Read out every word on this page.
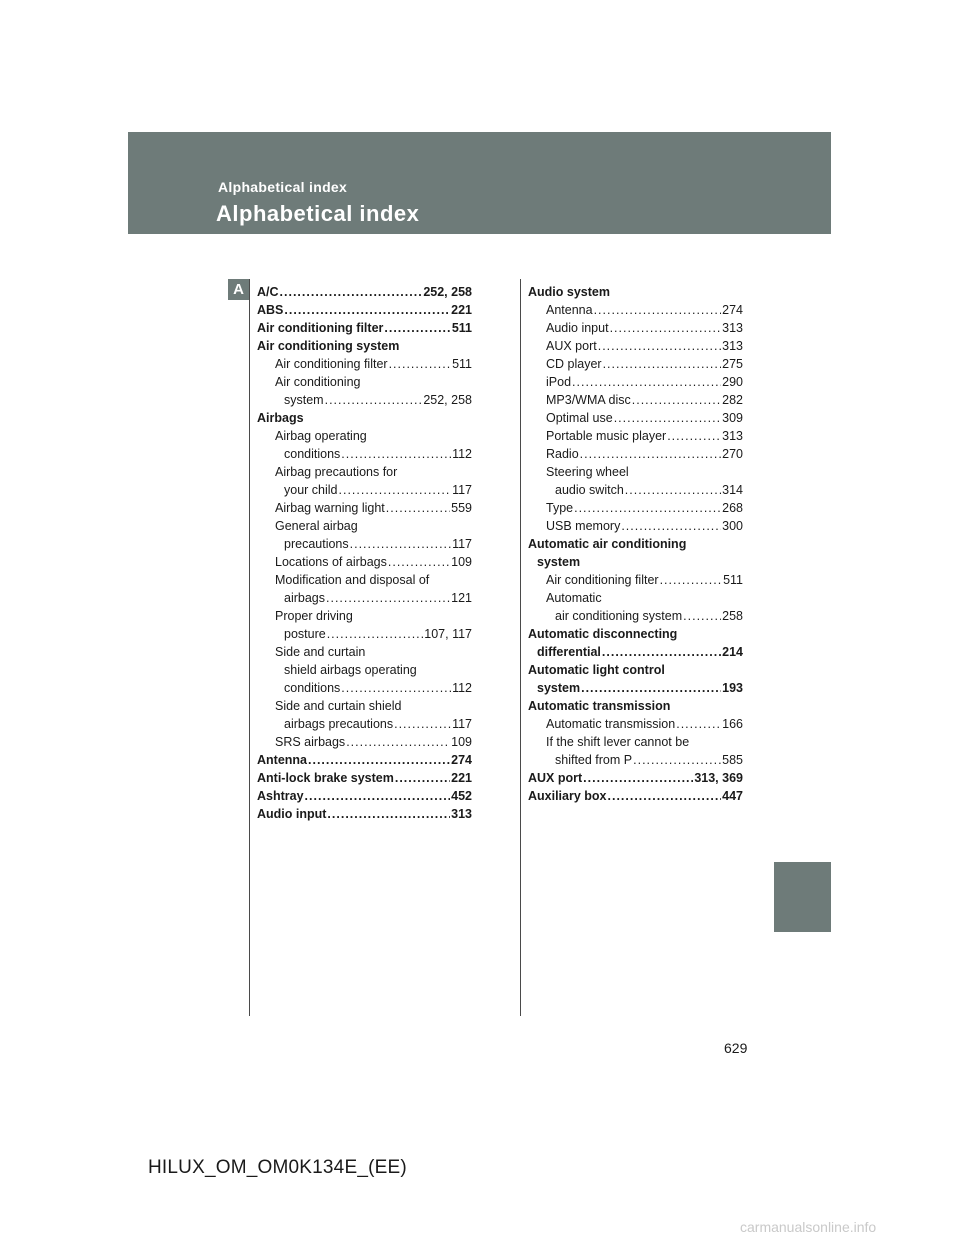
Alphabetical index
Alphabetical index
A	A/C .....	252, 258
ABS .....	221
Air conditioning filter .....	511
Air conditioning system
Air conditioning filter .....	511
Air conditioning
system .....	252, 258
Airbags
Airbag operating
conditions .....	112
Airbag precautions for
your child .....	117
Airbag warning light .....	559
General airbag
precautions .....	117
Locations of airbags .....	109
Modification and disposal of
airbags .....	121
Proper driving
posture .....	107, 117
Side and curtain
shield airbags operating
conditions .....	112
Side and curtain shield
airbags precautions .....	117
SRS airbags .....	109
Antenna .....	274
Anti-lock brake system .....	221
Ashtray .....	452
Audio input .....	313
Audio system
Antenna .....	274
Audio input .....	313
AUX port .....	313
CD player .....	275
iPod .....	290
MP3/WMA disc .....	282
Optimal use .....	309
Portable music player .....	313
Radio .....	270
Steering wheel
audio switch .....	314
Type .....	268
USB memory .....	300
Automatic air conditioning
system
Air conditioning filter .....	511
Automatic
air conditioning system .....	258
Automatic disconnecting
differential .....	214
Automatic light control
system .....	193
Automatic transmission
Automatic transmission .....	166
If the shift lever cannot be
shifted from P .....	585
AUX port .....	313, 369
Auxiliary box .....	447
629
HILUX_OM_OM0K134E_(EE)
carmanualsonline.info
